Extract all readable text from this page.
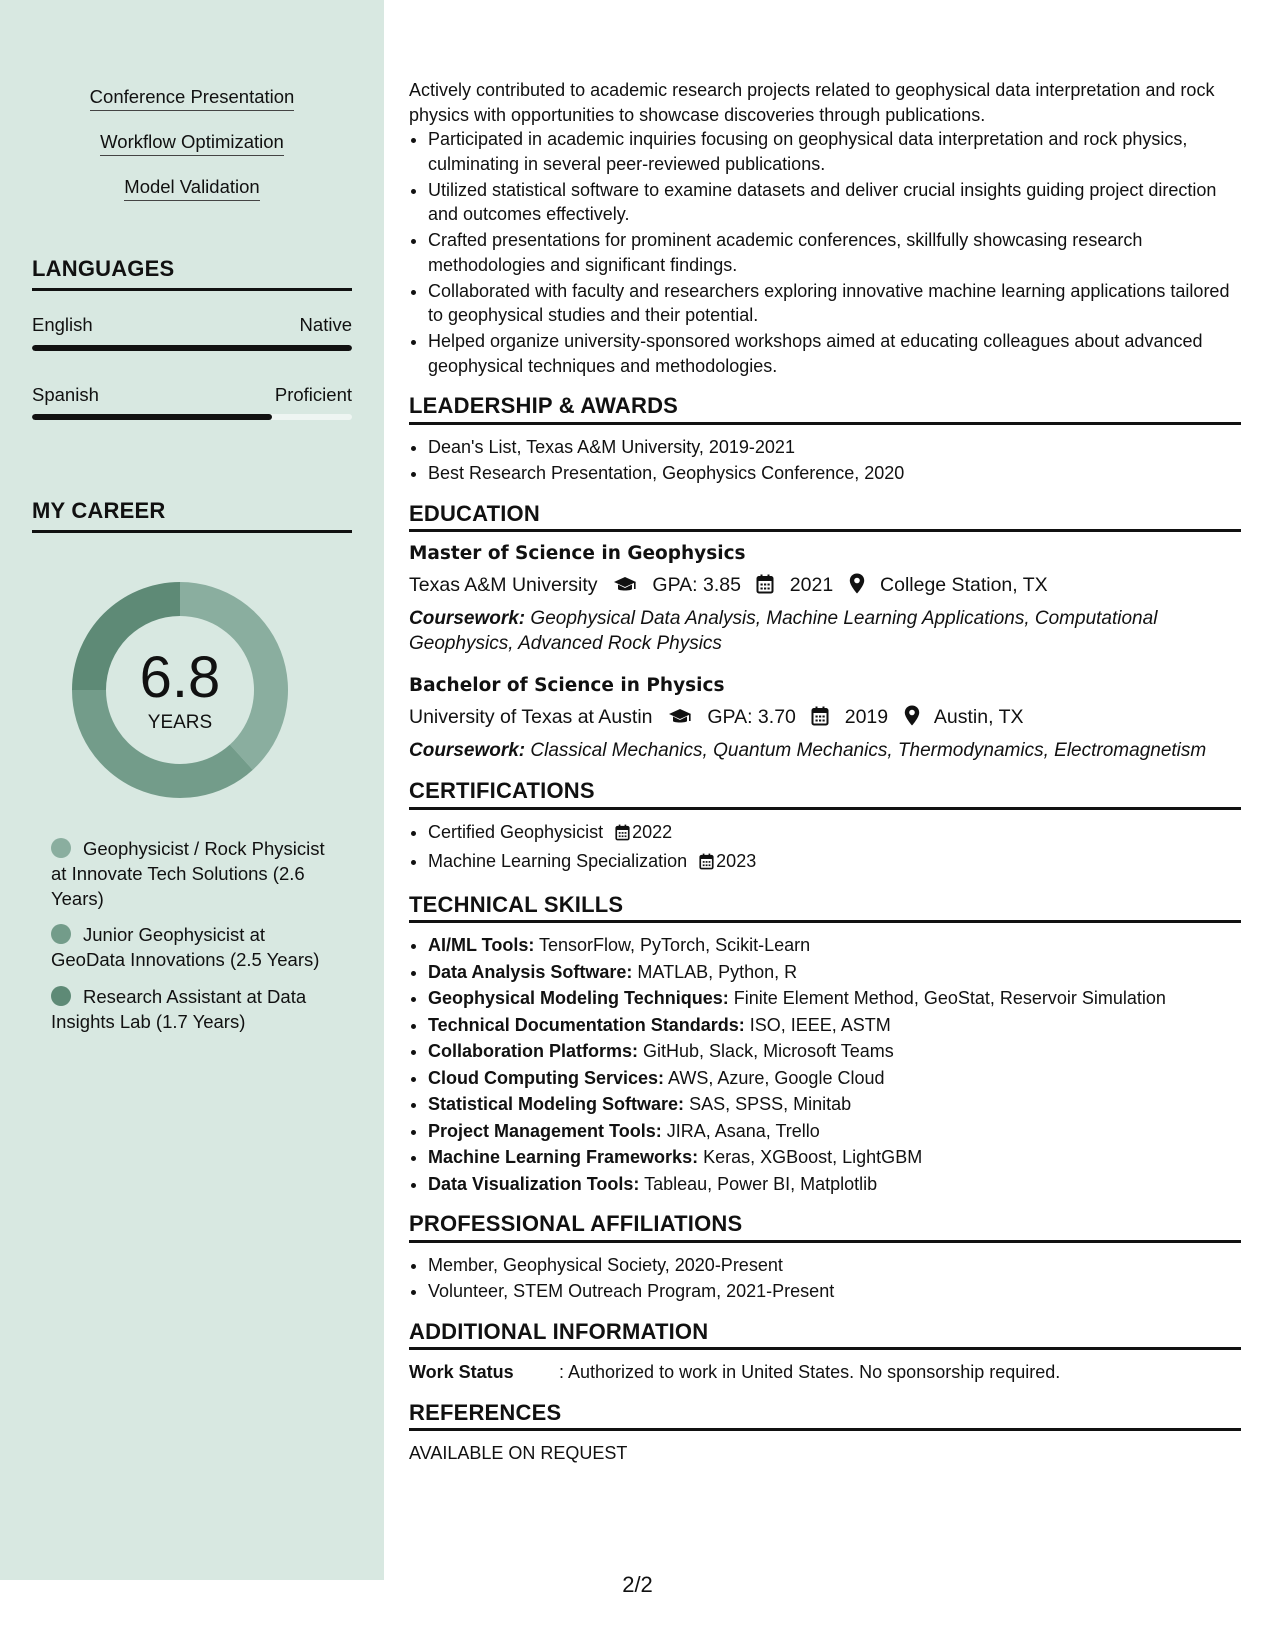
Conference Presentation
Workflow Optimization
Model Validation
LANGUAGES
English	Native
Spanish	Proficient
MY CAREER
6.8
YEARS
Geophysicist / Rock Physicist at Innovate Tech Solutions (2.6 Years)
Junior Geophysicist at GeoData Innovations (2.5 Years)
Research Assistant at Data Insights Lab (1.7 Years)

Actively contributed to academic research projects related to geophysical data interpretation and rock physics with opportunities to showcase discoveries through publications.

• Participated in academic inquiries focusing on geophysical data interpretation and rock physics, culminating in several peer-reviewed publications.
• Utilized statistical software to examine datasets and deliver crucial insights guiding project direction and outcomes effectively.
• Crafted presentations for prominent academic conferences, skillfully showcasing research methodologies and significant findings.
• Collaborated with faculty and researchers exploring innovative machine learning applications tailored to geophysical studies and their potential.
• Helped organize university-sponsored workshops aimed at educating colleagues about advanced geophysical techniques and methodologies.
LEADERSHIP & AWARDS
• Dean's List, Texas A&M University, 2019-2021
• Best Research Presentation, Geophysics Conference, 2020
EDUCATION
Master of Science in Geophysics
Texas A&M University	GPA: 3.85	2021 College Station, TX
Coursework: Geophysical Data Analysis, Machine Learning Applications, Computational Geophysics, Advanced Rock Physics
Bachelor of Science in Physics
University of Texas at Austin	GPA: 3.70	2019 Austin, TX
Coursework: Classical Mechanics, Quantum Mechanics, Thermodynamics, Electromagnetism
CERTIFICATIONS
• Certified Geophysicist 2022
• Machine Learning Specialization 2023
TECHNICAL SKILLS
• AI/ML Tools: TensorFlow, PyTorch, Scikit-Learn
• Data Analysis Software: MATLAB, Python, R
• Geophysical Modeling Techniques: Finite Element Method, GeoStat, Reservoir Simulation
• Technical Documentation Standards: ISO, IEEE, ASTM
• Collaboration Platforms: GitHub, Slack, Microsoft Teams
• Cloud Computing Services: AWS, Azure, Google Cloud
• Statistical Modeling Software: SAS, SPSS, Minitab
• Project Management Tools: JIRA, Asana, Trello
• Machine Learning Frameworks: Keras, XGBoost, LightGBM
• Data Visualization Tools: Tableau, Power BI, Matplotlib
PROFESSIONAL AFFILIATIONS
• Member, Geophysical Society, 2020-Present
• Volunteer, STEM Outreach Program, 2021-Present
ADDITIONAL INFORMATION
Work Status	: Authorized to work in United States. No sponsorship required.
REFERENCES
AVAILABLE ON REQUEST
2/2
